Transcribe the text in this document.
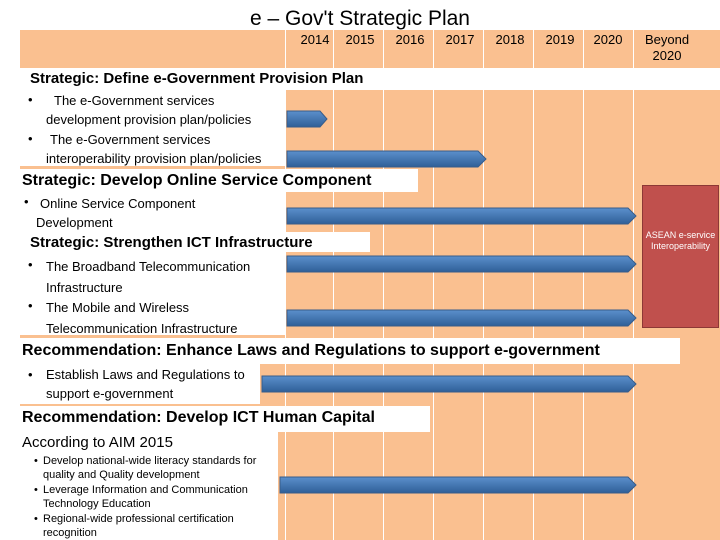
e – Gov't Strategic Plan
2014	2015	2016	2017	2018	2019	2020	Beyond 2020
ASEAN e-service Interoperability
Strategic: Define e-Government Provision Plan
•	The e-Government services development provision plan/policies
•	The e-Government services interoperability provision plan/policies
Strategic: Develop Online Service Component
• Online Service Component Development
Strategic: Strengthen ICT Infrastructure
• The Broadband Telecommunication Infrastructure
• The Mobile and Wireless Telecommunication Infrastructure
Recommendation: Enhance Laws and Regulations to support e-government
• Establish Laws and Regulations to support e-government
Recommendation: Develop ICT Human Capital
According to AIM 2015
• Develop national-wide literacy standards for quality and Quality development
• Leverage Information and Communication Technology Education
• Regional-wide professional certification recognition
